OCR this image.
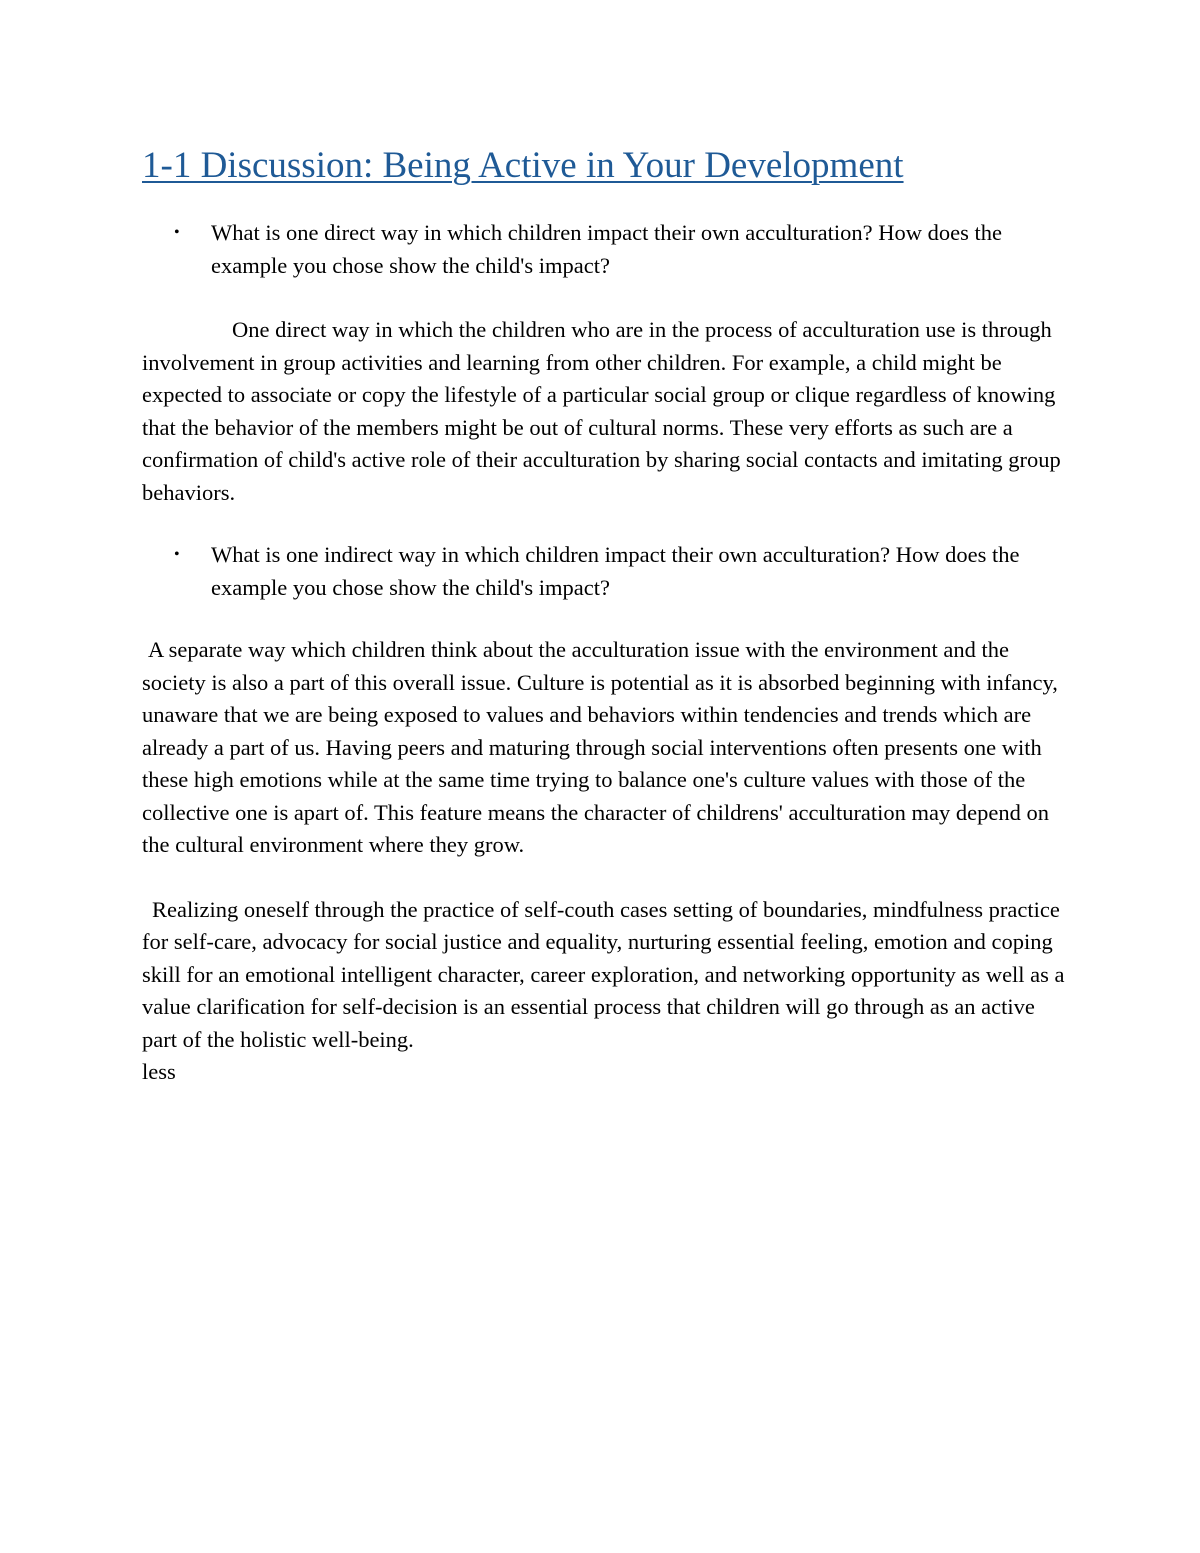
1-1 Discussion: Being Active in Your Development
• What is one direct way in which children impact their own acculturation? How does the example you chose show the child's impact?

One direct way in which the children who are in the process of acculturation use is through involvement in group activities and learning from other children. For example, a child might be expected to associate or copy the lifestyle of a particular social group or clique regardless of knowing that the behavior of the members might be out of cultural norms. These very efforts as such are a confirmation of child's active role of their acculturation by sharing social contacts and imitating group behaviors.

• What is one indirect way in which children impact their own acculturation? How does the example you chose show the child's impact?

A separate way which children think about the acculturation issue with the environment and the society is also a part of this overall issue. Culture is potential as it is absorbed beginning with infancy, unaware that we are being exposed to values and behaviors within tendencies and trends which are already a part of us. Having peers and maturing through social interventions often presents one with these high emotions while at the same time trying to balance one's culture values with those of the collective one is apart of. This feature means the character of childrens' acculturation may depend on the cultural environment where they grow.

Realizing oneself through the practice of self-couth cases setting of boundaries, mindfulness practice for self-care, advocacy for social justice and equality, nurturing essential feeling, emotion and coping skill for an emotional intelligent character, career exploration, and networking opportunity as well as a value clarification for self-decision is an essential process that children will go through as an active part of the holistic well-being.

less
